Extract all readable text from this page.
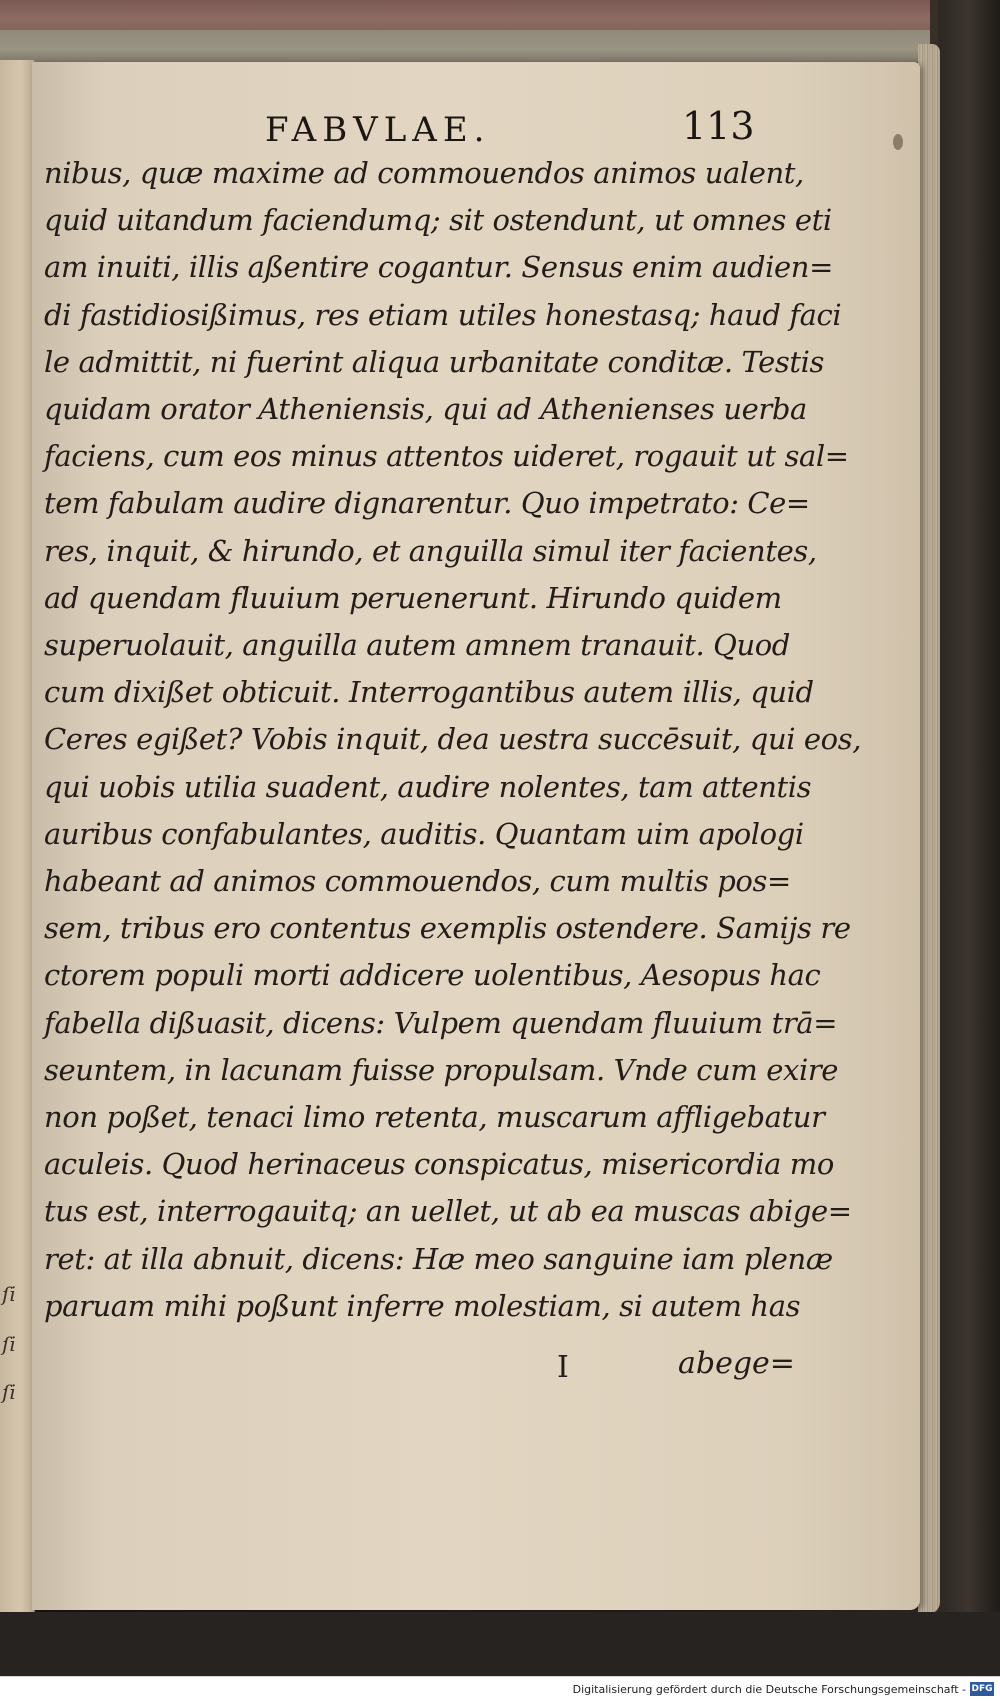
ſi
ſi
ſi
FABVLAE.	113
nibus, quæ maxime ad commouendos animos ualent,
quid uitandum faciendumq; sit ostendunt, ut omnes eti
am inuiti, illis aßentire cogantur. Sensus enim audien=
di fastidiosißimus, res etiam utiles honestasq; haud faci
le admittit, ni fuerint aliqua urbanitate conditæ. Testis
quidam orator Atheniensis, qui ad Athenienses uerba
faciens, cum eos minus attentos uideret, rogauit ut sal=
tem fabulam audire dignarentur. Quo impetrato: Ce=
res, inquit, & hirundo, et anguilla simul iter facientes,
ad quendam fluuium peruenerunt. Hirundo quidem
superuolauit, anguilla autem amnem tranauit. Quod
cum dixißet obticuit. Interrogantibus autem illis, quid
Ceres egißet? Vobis inquit, dea uestra succēsuit, qui eos,
qui uobis utilia suadent, audire nolentes, tam attentis
auribus confabulantes, auditis. Quantam uim apologi
habeant ad animos commouendos, cum multis pos=
sem, tribus ero contentus exemplis ostendere. Samijs re
ctorem populi morti addicere uolentibus, Aesopus hac
fabella dißuasit, dicens: Vulpem quendam fluuium trā=
seuntem, in lacunam fuisse propulsam. Vnde cum exire
non poßet, tenaci limo retenta, muscarum affligebatur
aculeis. Quod herinaceus conspicatus, misericordia mo
tus est, interrogauitq; an uellet, ut ab ea muscas abige=
ret: at illa abnuit, dicens: Hæ meo sanguine iam plenæ
paruam mihi poßunt inferre molestiam, si autem has
I	abege=
Digitalisierung gefördert durch die Deutsche Forschungsgemeinschaft - DFG
